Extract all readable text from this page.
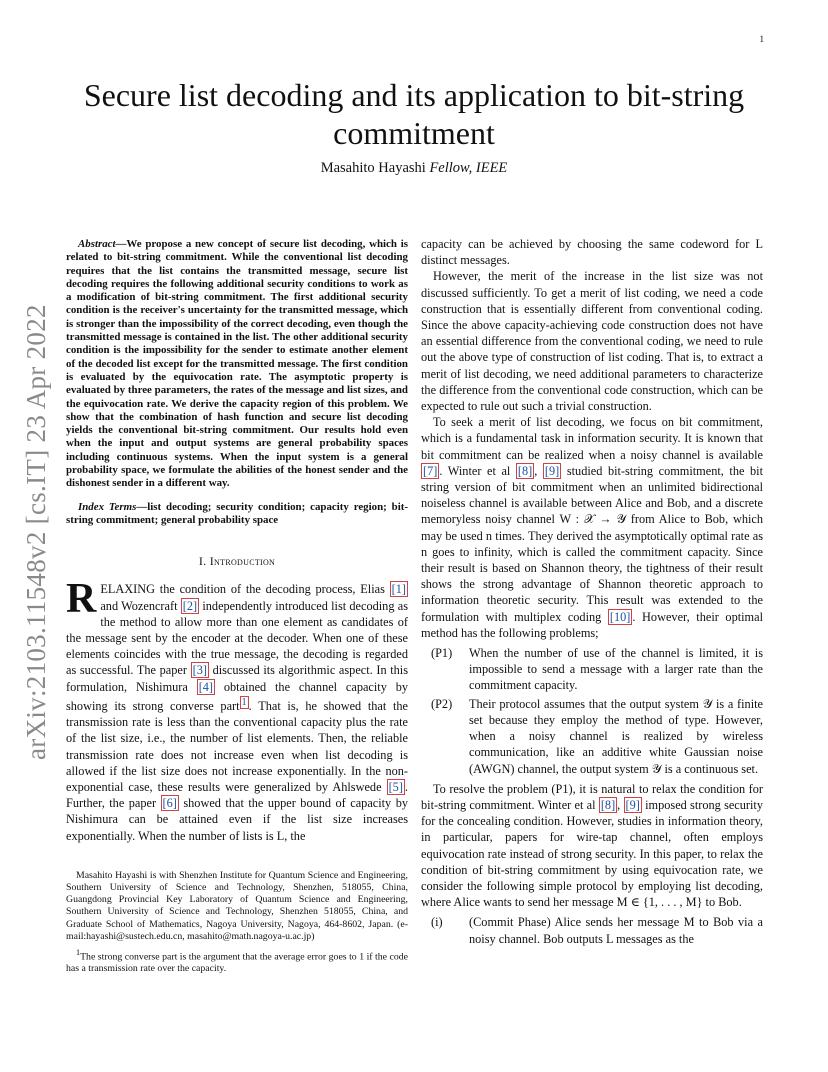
1
arXiv:2103.11548v2 [cs.IT] 23 Apr 2022
Secure list decoding and its application to bit-string commitment
Masahito Hayashi Fellow, IEEE

Abstract—We propose a new concept of secure list decoding, which is related to bit-string commitment. While the conventional list decoding requires that the list contains the transmitted message, secure list decoding requires the following additional security conditions to work as a modification of bit-string commitment. The first additional security condition is the receiver's uncertainty for the transmitted message, which is stronger than the impossibility of the correct decoding, even though the transmitted message is contained in the list. The other additional security condition is the impossibility for the sender to estimate another element of the decoded list except for the transmitted message. The first condition is evaluated by the equivocation rate. The asymptotic property is evaluated by three parameters, the rates of the message and list sizes, and the equivocation rate. We derive the capacity region of this problem. We show that the combination of hash function and secure list decoding yields the conventional bit-string commitment. Our results hold even when the input and output systems are general probability spaces including continuous systems. When the input system is a general probability space, we formulate the abilities of the honest sender and the dishonest sender in a different way.

Index Terms—list decoding; security condition; capacity region; bit-string commitment; general probability space

I. Introduction

RELAXING the condition of the decoding process, Elias [1] and Wozencraft [2] independently introduced list decoding as the method to allow more than one element as candidates of the message sent by the encoder at the decoder. When one of these elements coincides with the true message, the decoding is regarded as successful. The paper [3] discussed its algorithmic aspect. In this formulation, Nishimura [4] obtained the channel capacity by showing its strong converse part $^1$ . That is, he showed that the transmission rate is less than the conventional capacity plus the rate of the list size, i.e., the number of list elements. Then, the reliable transmission rate does not increase even when list decoding is allowed if the list size does not increase exponentially. In the non-exponential case, these results were generalized by Ahlswede [5] . Further, the paper [6] showed that the upper bound of capacity by Nishimura can be attained even if the list size increases exponentially. When the number of lists is L, the

Masahito Hayashi is with Shenzhen Institute for Quantum Science and Engineering, Southern University of Science and Technology, Shenzhen, 518055, China, Guangdong Provincial Key Laboratory of Quantum Science and Engineering, Southern University of Science and Technology, Shenzhen 518055, China, and Graduate School of Mathematics, Nagoya University, Nagoya, 464-8602, Japan. (e-mail:hayashi@sustech.edu.cn, masahito@math.nagoya-u.ac.jp)

$^1$The strong converse part is the argument that the average error goes to 1 if the code has a transmission rate over the capacity.

capacity can be achieved by choosing the same codeword for L distinct messages.

However, the merit of the increase in the list size was not discussed sufficiently. To get a merit of list coding, we need a code construction that is essentially different from conventional coding. Since the above capacity-achieving code construction does not have an essential difference from the conventional coding, we need to rule out the above type of construction of list coding. That is, to extract a merit of list decoding, we need additional parameters to characterize the difference from the conventional code construction, which can be expected to rule out such a trivial construction.

To seek a merit of list decoding, we focus on bit commitment, which is a fundamental task in information security. It is known that bit commitment can be realized when a noisy channel is available [7] . Winter et al [8] , [9] studied bit-string commitment, the bit string version of bit commitment when an unlimited bidirectional noiseless channel is available between Alice and Bob, and a discrete memoryless noisy channel W : 𝒳 → 𝒴 from Alice to Bob, which may be used n times. They derived the asymptotically optimal rate as n goes to infinity, which is called the commitment capacity. Since their result is based on Shannon theory, the tightness of their result shows the strong advantage of Shannon theoretic approach to information theoretic security. This result was extended to the formulation with multiplex coding [10] . However, their optimal method has the following problems;

(P1)	When the number of use of the channel is limited, it is impossible to send a message with a larger rate than the commitment capacity.
(P2)	Their protocol assumes that the output system 𝒴 is a finite set because they employ the method of type. However, when a noisy channel is realized by wireless communication, like an additive white Gaussian noise (AWGN) channel, the output system 𝒴 is a continuous set.

To resolve the problem (P1), it is natural to relax the condition for bit-string commitment. Winter et al [8] , [9] imposed strong security for the concealing condition. However, studies in information theory, in particular, papers for wire-tap channel, often employs equivocation rate instead of strong security. In this paper, to relax the condition of bit-string commitment by using equivocation rate, we consider the following simple protocol by employing list decoding, where Alice wants to send her message M ∈ {1, . . . , M} to Bob.

(i)	(Commit Phase) Alice sends her message M to Bob via a noisy channel. Bob outputs L messages as the
